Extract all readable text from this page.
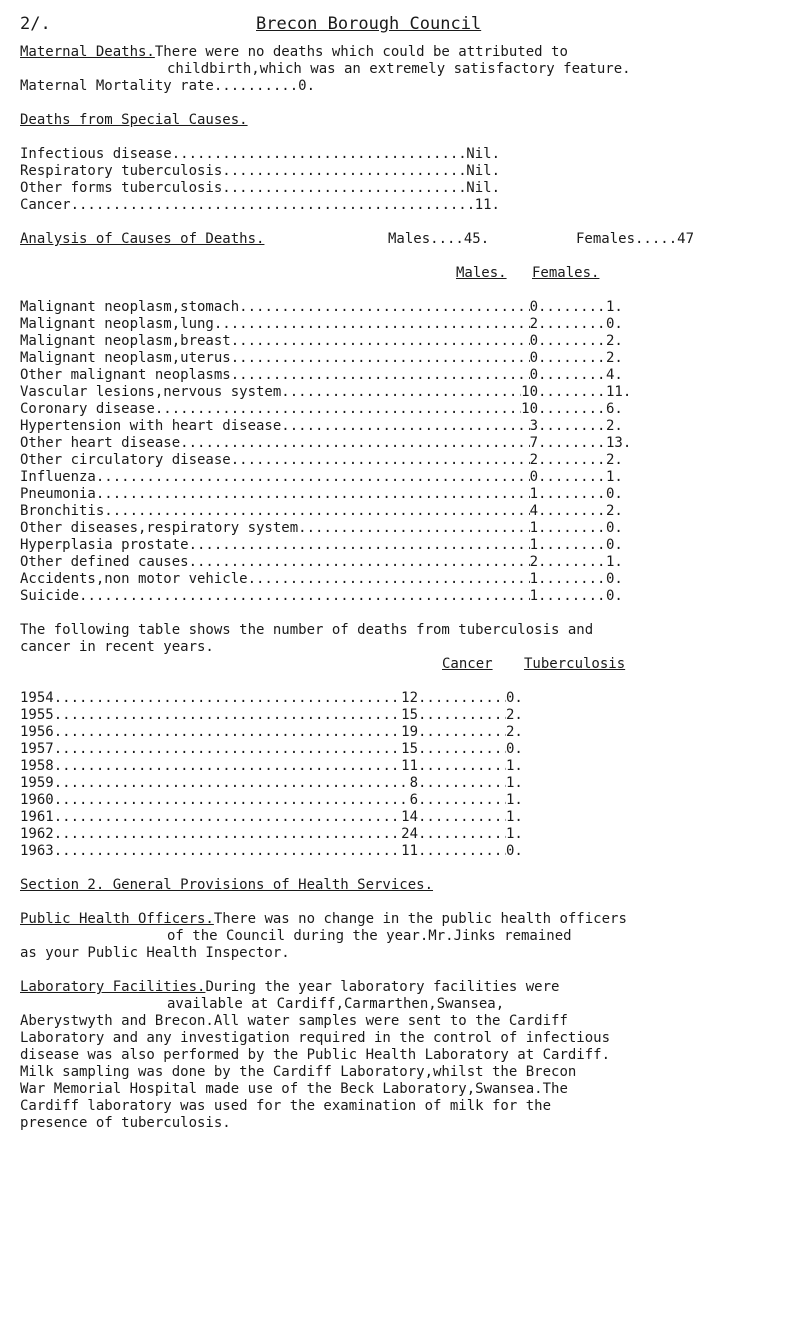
2/.	Brecon Borough Council
Maternal Deaths.There were no deaths which could be attributed to
childbirth,which was an extremely satisfactory feature.
Maternal Mortality rate .......... 0.
Deaths from Special Causes.
Infectious disease .....	Nil.
Respiratory tuberculosis .....	Nil.
Other forms tuberculosis .....	Nil.
Cancer .....	11.
Analysis of Causes of Deaths.	Males....45.	Females.....47
Males. Females.
Malignant neoplasm,stomach .....	0 .....	1.
Malignant neoplasm,lung .....	2 .....	0.
Malignant neoplasm,breast .....	0 .....	2.
Malignant neoplasm,uterus .....	0 .....	2.
Other malignant neoplasms .....	0 .....	4.
Vascular lesions,nervous system .....	10 .....	11.
Coronary disease .....	10 .....	6.
Hypertension with heart disease .....	3 .....	2.
Other heart disease .....	7 .....	13.
Other circulatory disease .....	2 .....	2.
Influenza .....	0 .....	1.
Pneumonia .....	1 .....	0.
Bronchitis .....	4 .....	2.
Other diseases,respiratory system .....	1 .....	0.
Hyperplasia prostate .....	1 .....	0.
Other defined causes .....	2 .....	1.
Accidents,non motor vehicle .....	1 .....	0.
Suicide .....	1 .....	0.
The following table shows the number of deaths from tuberculosis and
cancer in recent years.
Cancer Tuberculosis
1954 .....	12 .....	0.
1955 .....	15 .....	2.
1956 .....	19 .....	2.
1957 .....	15 .....	0.
1958 .....	11 .....	1.
1959 .....	8 .....	1.
1960 .....	6 .....	1.
1961 .....	14 .....	1.
1962 .....	24 .....	1.
1963 .....	11 .....	0.
Section 2. General Provisions of Health Services.
Public Health Officers.There was no change in the public health officers
of the Council during the year.Mr.Jinks remained
as your Public Health Inspector.
Laboratory Facilities.During the year laboratory facilities were
available at Cardiff,Carmarthen,Swansea,
Aberystwyth and Brecon.All water samples were sent to the Cardiff
Laboratory and any investigation required in the control of infectious
disease was also performed by the Public Health Laboratory at Cardiff.
Milk sampling was done by the Cardiff Laboratory,whilst the Brecon
War Memorial Hospital made use of the Beck Laboratory,Swansea.The
Cardiff laboratory was used for the examination of milk for the
presence of tuberculosis.
